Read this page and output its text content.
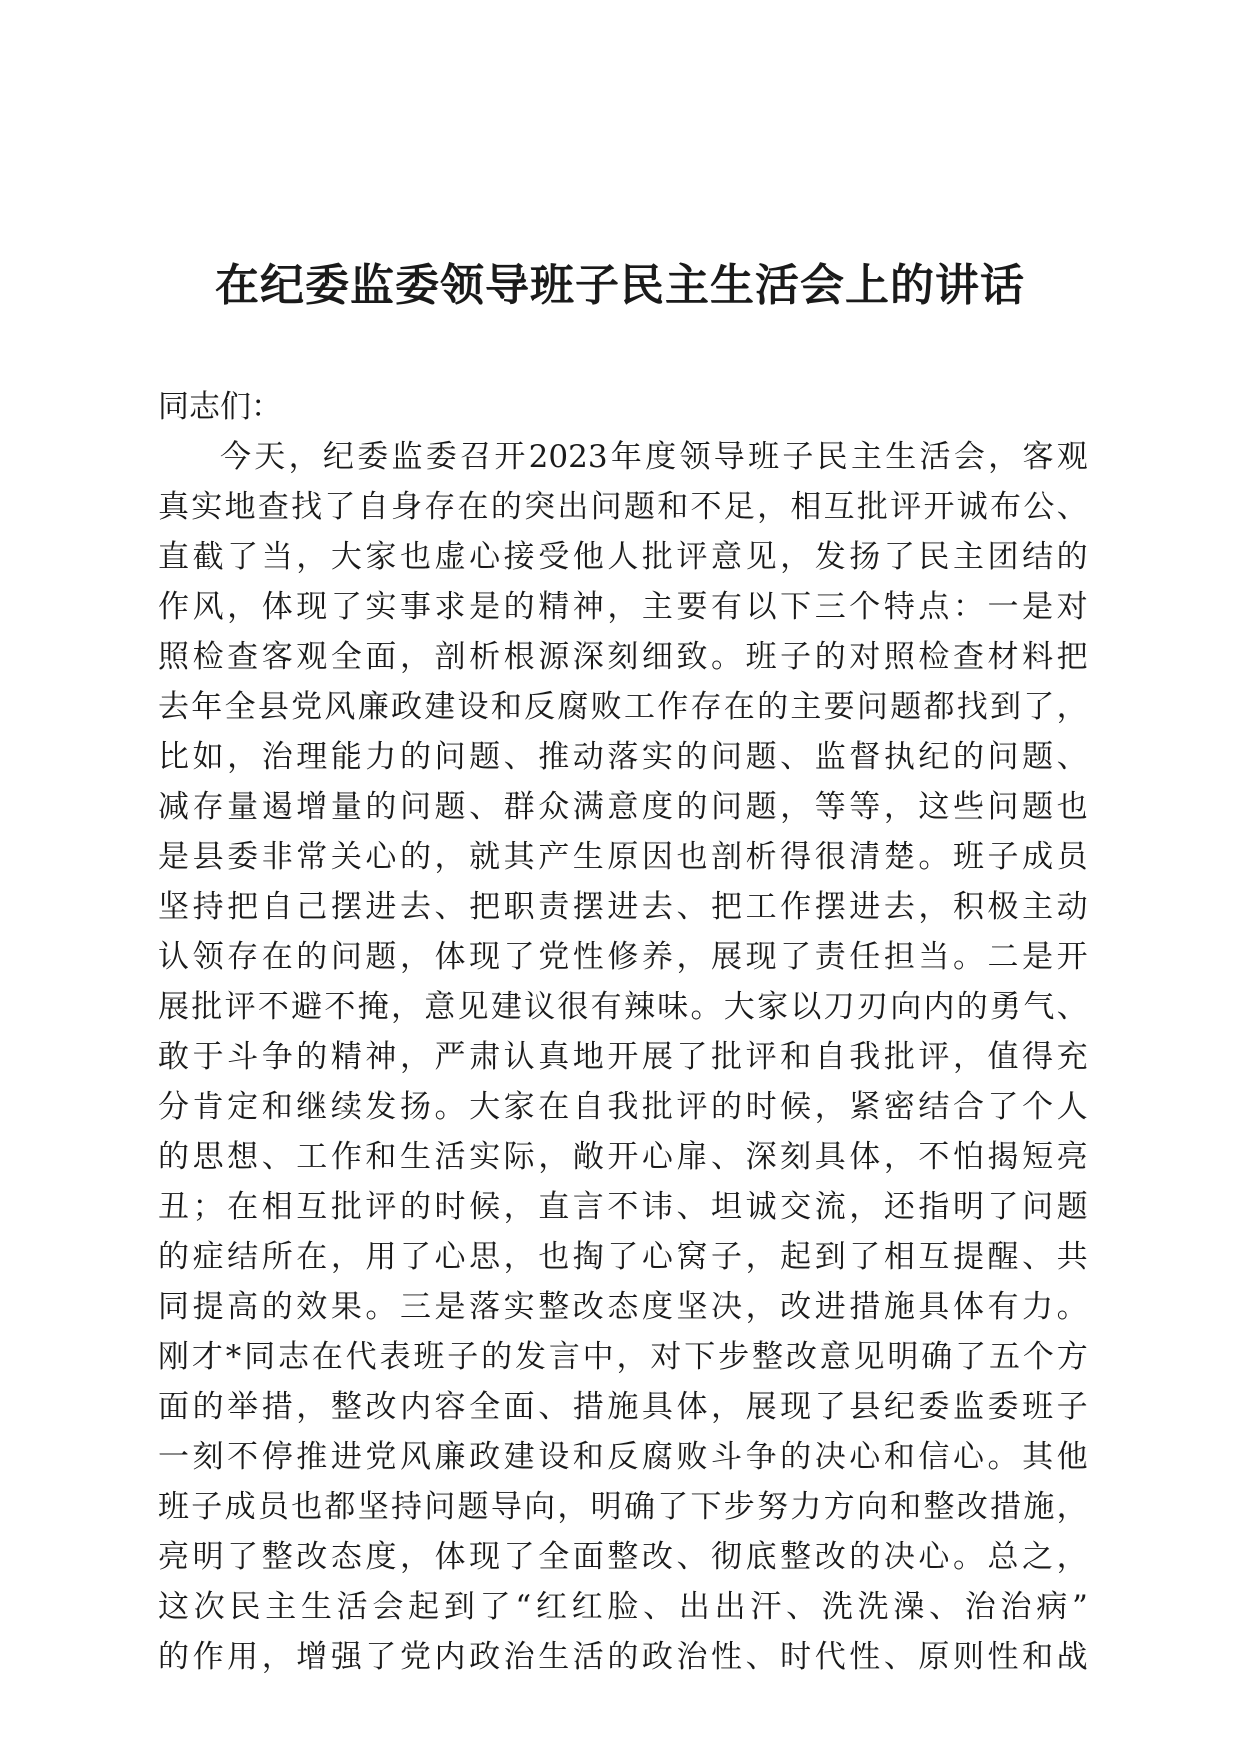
在纪委监委领导班子民主生活会上的讲话
同志们：
今 天 ， 纪 委 监 委 召 开 2023 年 度 领 导 班 子 民 主 生 活 会 ， 客 观
真 实 地 查 找 了 自 身 存 在 的 突 出 问 题 和 不 足 ， 相 互 批 评 开 诚 布 公 、
直 截 了 当 ， 大 家 也 虚 心 接 受 他 人 批 评 意 见 ， 发 扬 了 民 主 团 结 的
作 风 ， 体 现 了 实 事 求 是 的 精 神 ， 主 要 有 以 下 三 个 特 点 ： 一 是 对
照 检 查 客 观 全 面 ， 剖 析 根 源 深 刻 细 致 。 班 子 的 对 照 检 查 材 料 把
去 年 全 县 党 风 廉 政 建 设 和 反 腐 败 工 作 存 在 的 主 要 问 题 都 找 到 了 ，
比 如 ， 治 理 能 力 的 问 题 、 推 动 落 实 的 问 题 、 监 督 执 纪 的 问 题 、
减 存 量 遏 增 量 的 问 题 、 群 众 满 意 度 的 问 题 ， 等 等 ， 这 些 问 题 也
是 县 委 非 常 关 心 的 ， 就 其 产 生 原 因 也 剖 析 得 很 清 楚 。 班 子 成 员
坚 持 把 自 己 摆 进 去 、 把 职 责 摆 进 去 、 把 工 作 摆 进 去 ， 积 极 主 动
认 领 存 在 的 问 题 ， 体 现 了 党 性 修 养 ， 展 现 了 责 任 担 当 。 二 是 开
展 批 评 不 避 不 掩 ， 意 见 建 议 很 有 辣 味 。 大 家 以 刀 刃 向 内 的 勇 气 、
敢 于 斗 争 的 精 神 ， 严 肃 认 真 地 开 展 了 批 评 和 自 我 批 评 ， 值 得 充
分 肯 定 和 继 续 发 扬 。 大 家 在 自 我 批 评 的 时 候 ， 紧 密 结 合 了 个 人
的 思 想 、 工 作 和 生 活 实 际 ， 敞 开 心 扉 、 深 刻 具 体 ， 不 怕 揭 短 亮
丑 ； 在 相 互 批 评 的 时 候 ， 直 言 不 讳 、 坦 诚 交 流 ， 还 指 明 了 问 题
的 症 结 所 在 ， 用 了 心 思 ， 也 掏 了 心 窝 子 ， 起 到 了 相 互 提 醒 、 共
同 提 高 的 效 果 。 三 是 落 实 整 改 态 度 坚 决 ， 改 进 措 施 具 体 有 力 。
刚 才 * 同 志 在 代 表 班 子 的 发 言 中 ， 对 下 步 整 改 意 见 明 确 了 五 个 方
面 的 举 措 ， 整 改 内 容 全 面 、 措 施 具 体 ， 展 现 了 县 纪 委 监 委 班 子
一 刻 不 停 推 进 党 风 廉 政 建 设 和 反 腐 败 斗 争 的 决 心 和 信 心 。 其 他
班 子 成 员 也 都 坚 持 问 题 导 向 ， 明 确 了 下 步 努 力 方 向 和 整 改 措 施 ，
亮 明 了 整 改 态 度 ， 体 现 了 全 面 整 改 、 彻 底 整 改 的 决 心 。 总 之 ，
这 次 民 主 生 活 会 起 到 了 “ 红 红 脸 、 出 出 汗 、 洗 洗 澡 、 治 治 病 ”
的 作 用 ， 增 强 了 党 内 政 治 生 活 的 政 治 性 、 时 代 性 、 原 则 性 和 战
